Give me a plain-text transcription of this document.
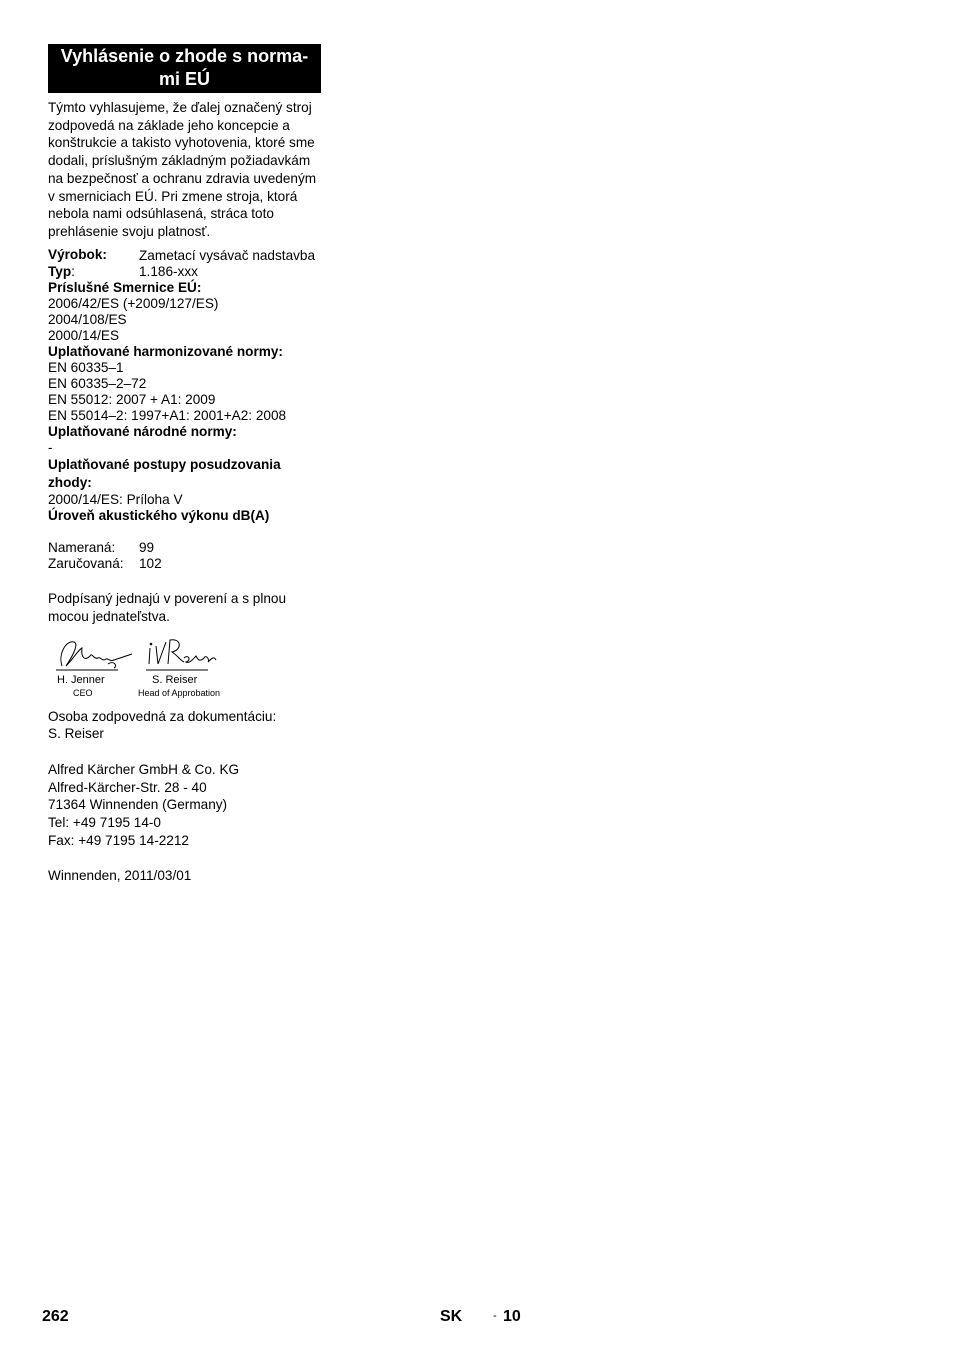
Vyhlásenie o zhode s norma-
mi EÚ
Týmto vyhlasujeme, že ďalej označený stroj zodpovedá na základe jeho koncepcie a konštrukcie a takisto vyhotovenia, ktoré sme dodali, príslušným základným požiadavkám na bezpečnosť a ochranu zdravia uvedeným v smerniciach EÚ. Pri zmene stroja, ktorá nebola nami odsúhlasená, stráca toto prehlásenie svoju platnosť.
Výrobok:	Zametací vysávač nadstavba
Typ:	1.186-xxx
Príslušné Smernice EÚ:
2006/42/ES (+2009/127/ES)
2004/108/ES
2000/14/ES
Uplatňované harmonizované normy:
EN 60335–1
EN 60335–2–72
EN 55012: 2007 + A1: 2009
EN 55014–2: 1997+A1: 2001+A2: 2008
Uplatňované národné normy:
-
Uplatňované postupy posudzovania zhody:
2000/14/ES: Príloha V
Úroveň akustického výkonu dB(A)
Nameraná:	99
Zaručovaná:	102
Podpísaný jednajú v poverení a s plnou mocou jednateľstva.
H. Jenner
CEO
S. Reiser
Head of Approbation
Osoba zodpovedná za dokumentáciu:
S. Reiser
Alfred Kärcher GmbH & Co. KG
Alfred-Kärcher-Str. 28 - 40
71364 Winnenden (Germany)
Tel: +49 7195 14-0
Fax: +49 7195 14-2212
Winnenden, 2011/03/01
262	SK	- 10
